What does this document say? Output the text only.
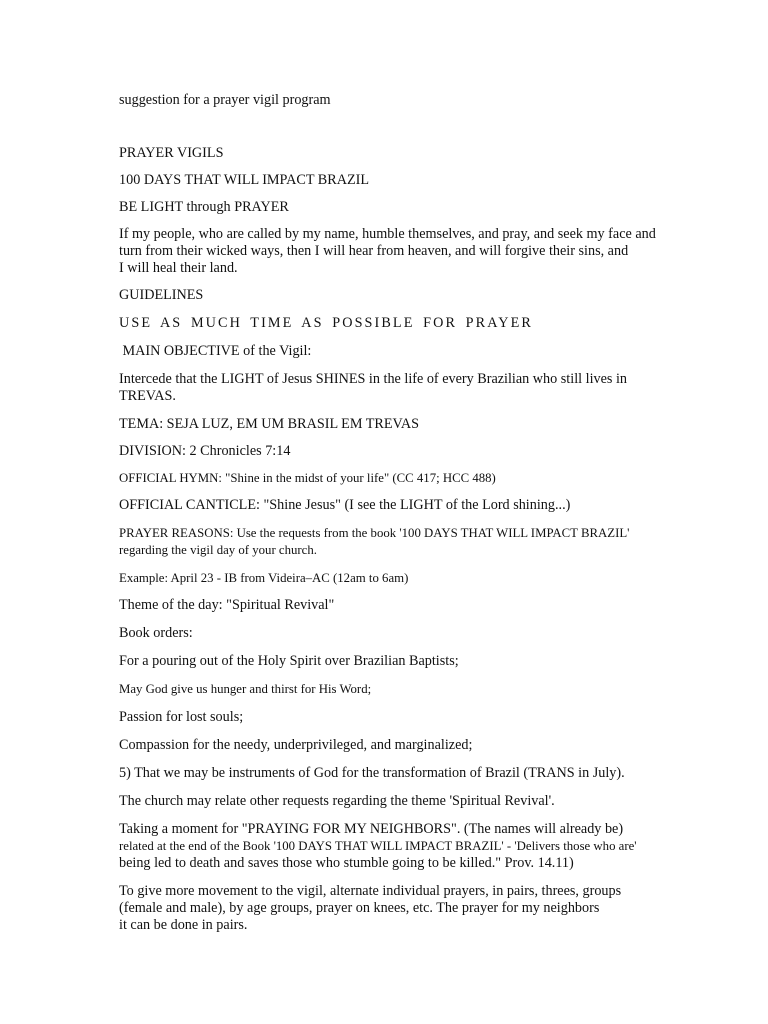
suggestion for a prayer vigil program

PRAYER VIGILS

100 DAYS THAT WILL IMPACT BRAZIL

BE LIGHT through PRAYER

If my people, who are called by my name, humble themselves, and pray, and seek my face and
turn from their wicked ways, then I will hear from heaven, and will forgive their sins, and
I will heal their land.

GUIDELINES

USE AS MUCH TIME AS POSSIBLE FOR PRAYER

MAIN OBJECTIVE of the Vigil:

Intercede that the LIGHT of Jesus SHINES in the life of every Brazilian who still lives in
TREVAS.

TEMA: SEJA LUZ, EM UM BRASIL EM TREVAS

DIVISION: 2 Chronicles 7:14

OFFICIAL HYMN: "Shine in the midst of your life" (CC 417; HCC 488)

OFFICIAL CANTICLE: "Shine Jesus" (I see the LIGHT of the Lord shining...)

PRAYER REASONS: Use the requests from the book '100 DAYS THAT WILL IMPACT BRAZIL'
regarding the vigil day of your church.

Example: April 23 - IB from Videira–AC (12am to 6am)

Theme of the day: "Spiritual Revival"

Book orders:

For a pouring out of the Holy Spirit over Brazilian Baptists;

May God give us hunger and thirst for His Word;

Passion for lost souls;

Compassion for the needy, underprivileged, and marginalized;

5) That we may be instruments of God for the transformation of Brazil (TRANS in July).

The church may relate other requests regarding the theme 'Spiritual Revival'.

Taking a moment for "PRAYING FOR MY NEIGHBORS". (The names will already be)
related at the end of the Book '100 DAYS THAT WILL IMPACT BRAZIL' - 'Delivers those who are'
being led to death and saves those who stumble going to be killed." Prov. 14.11)

To give more movement to the vigil, alternate individual prayers, in pairs, threes, groups
(female and male), by age groups, prayer on knees, etc. The prayer for my neighbors
it can be done in pairs.
